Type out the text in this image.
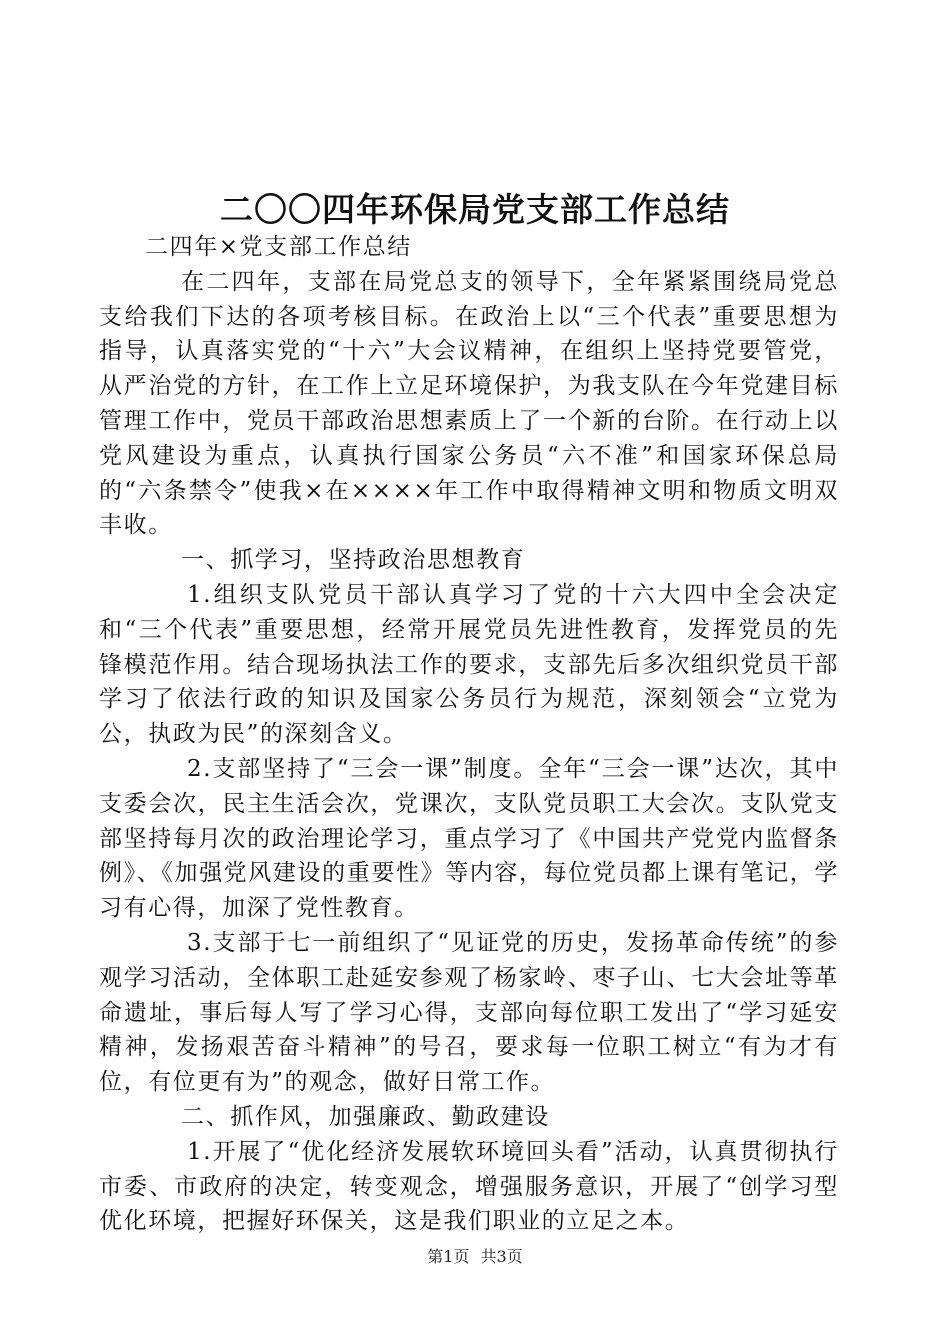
二〇〇四年环保局党支部工作总结

二四年×党支部工作总结

在二四年，支部在局党总支的领导下，全年紧紧围绕局党总支给我们下达的各项考核目标。在政治上以“三个代表”重要思想为指导，认真落实党的“十六”大会议精神，在组织上坚持党要管党，从严治党的方针，在工作上立足环境保护，为我支队在今年党建目标管理工作中，党员干部政治思想素质上了一个新的台阶。在行动上以党风建设为重点，认真执行国家公务员“六不准”和国家环保总局的“六条禁令”使我×在××××年工作中取得精神文明和物质文明双丰收。

一、抓学习，坚持政治思想教育

1.组织支队党员干部认真学习了党的十六大四中全会决定和“三个代表”重要思想，经常开展党员先进性教育，发挥党员的先锋模范作用。结合现场执法工作的要求，支部先后多次组织党员干部学习了依法行政的知识及国家公务员行为规范，深刻领会“立党为公，执政为民”的深刻含义。

2.支部坚持了“三会一课”制度。全年“三会一课”达次，其中支委会次，民主生活会次，党课次，支队党员职工大会次。支队党支部坚持每月次的政治理论学习，重点学习了《中国共产党党内监督条例》、《加强党风建设的重要性》等内容，每位党员都上课有笔记，学习有心得，加深了党性教育。

3.支部于七一前组织了“见证党的历史，发扬革命传统”的参观学习活动，全体职工赴延安参观了杨家岭、枣子山、七大会址等革命遗址，事后每人写了学习心得，支部向每位职工发出了“学习延安精神，发扬艰苦奋斗精神”的号召，要求每一位职工树立“有为才有位，有位更有为”的观念，做好日常工作。

二、抓作风，加强廉政、勤政建设

1.开展了“优化经济发展软环境回头看”活动，认真贯彻执行市委、市政府的决定，转变观念，增强服务意识，开展了“创学习型优化环境，把握好环保关，这是我们职业的立足之本。

第1页 共3页
